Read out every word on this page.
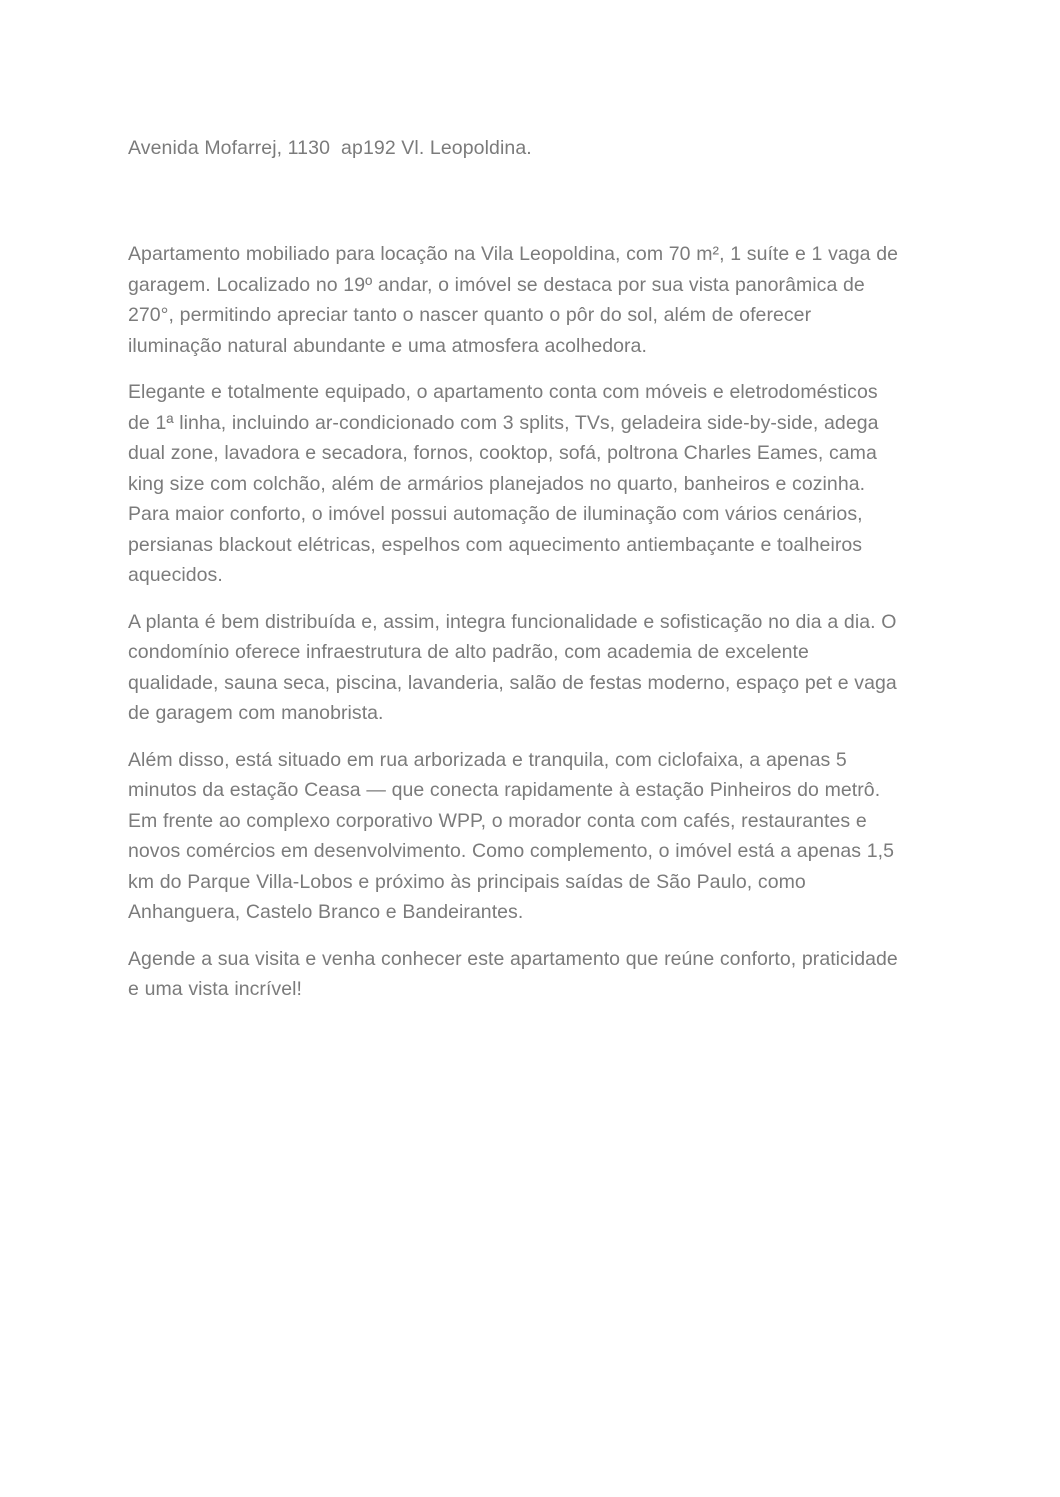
Avenida Mofarrej, 1130  ap192 Vl. Leopoldina.

Apartamento mobiliado para locação na Vila Leopoldina, com 70 m², 1 suíte e 1 vaga de garagem. Localizado no 19º andar, o imóvel se destaca por sua vista panorâmica de 270°, permitindo apreciar tanto o nascer quanto o pôr do sol, além de oferecer iluminação natural abundante e uma atmosfera acolhedora.

Elegante e totalmente equipado, o apartamento conta com móveis e eletrodomésticos de 1ª linha, incluindo ar-condicionado com 3 splits, TVs, geladeira side-by-side, adega dual zone, lavadora e secadora, fornos, cooktop, sofá, poltrona Charles Eames, cama king size com colchão, além de armários planejados no quarto, banheiros e cozinha. Para maior conforto, o imóvel possui automação de iluminação com vários cenários, persianas blackout elétricas, espelhos com aquecimento antiembaçante e toalheiros aquecidos.

A planta é bem distribuída e, assim, integra funcionalidade e sofisticação no dia a dia. O condomínio oferece infraestrutura de alto padrão, com academia de excelente qualidade, sauna seca, piscina, lavanderia, salão de festas moderno, espaço pet e vaga de garagem com manobrista.

Além disso, está situado em rua arborizada e tranquila, com ciclofaixa, a apenas 5 minutos da estação Ceasa — que conecta rapidamente à estação Pinheiros do metrô. Em frente ao complexo corporativo WPP, o morador conta com cafés, restaurantes e novos comércios em desenvolvimento. Como complemento, o imóvel está a apenas 1,5 km do Parque Villa-Lobos e próximo às principais saídas de São Paulo, como Anhanguera, Castelo Branco e Bandeirantes.

Agende a sua visita e venha conhecer este apartamento que reúne conforto, praticidade e uma vista incrível!
